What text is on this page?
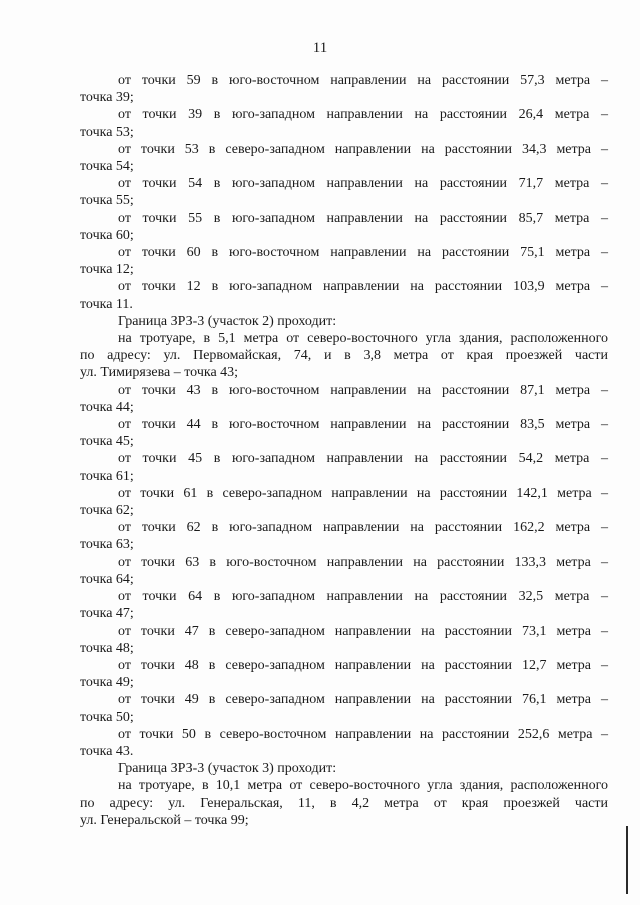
11
от точки 59 в юго-восточном направлении на расстоянии 57,3 метра –
точка 39;
от точки 39 в юго-западном направлении на расстоянии 26,4 метра –
точка 53;
от точки 53 в северо-западном направлении на расстоянии 34,3 метра –
точка 54;
от точки 54 в юго-западном направлении на расстоянии 71,7 метра –
точка 55;
от точки 55 в юго-западном направлении на расстоянии 85,7 метра –
точка 60;
от точки 60 в юго-восточном направлении на расстоянии 75,1 метра –
точка 12;
от точки 12 в юго-западном направлении на расстоянии 103,9 метра –
точка 11.
Граница ЗРЗ-3 (участок 2) проходит:
на тротуаре, в 5,1 метра от северо-восточного угла здания, расположенного
по адресу: ул. Первомайская, 74, и в 3,8 метра от края проезжей части
ул. Тимирязева – точка 43;
от точки 43 в юго-восточном направлении на расстоянии 87,1 метра –
точка 44;
от точки 44 в юго-восточном направлении на расстоянии 83,5 метра –
точка 45;
от точки 45 в юго-западном направлении на расстоянии 54,2 метра –
точка 61;
от точки 61 в северо-западном направлении на расстоянии 142,1 метра –
точка 62;
от точки 62 в юго-западном направлении на расстоянии 162,2 метра –
точка 63;
от точки 63 в юго-восточном направлении на расстоянии 133,3 метра –
точка 64;
от точки 64 в юго-западном направлении на расстоянии 32,5 метра –
точка 47;
от точки 47 в северо-западном направлении на расстоянии 73,1 метра –
точка 48;
от точки 48 в северо-западном направлении на расстоянии 12,7 метра –
точка 49;
от точки 49 в северо-западном направлении на расстоянии 76,1 метра –
точка 50;
от точки 50 в северо-восточном направлении на расстоянии 252,6 метра –
точка 43.
Граница ЗРЗ-3 (участок 3) проходит:
на тротуаре, в 10,1 метра от северо-восточного угла здания, расположенного
по адресу: ул. Генеральская, 11, в 4,2 метра от края проезжей части
ул. Генеральской – точка 99;
